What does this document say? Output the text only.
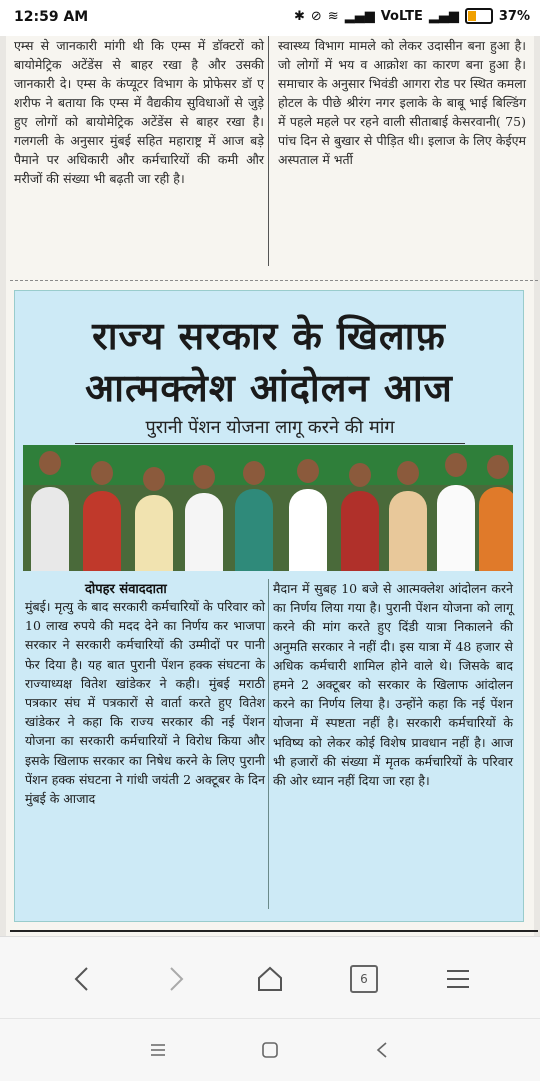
12:59 AM	✱ ⊘ ≋ ▂▄▆ VoLTE ▂▄▆	37%
एम्स से जानकारी मांगी थी कि एम्स में डॉक्टरों को बायोमेट्रिक अटेंडेंस से बाहर रखा है और उसकी जानकारी दे। एम्स के कंप्यूटर विभाग के प्रोफेसर डॉ ए शरीफ ने बताया कि एम्स में वैद्यकीय सुविधाओं से जुड़े हुए लोगों को बायोमेट्रिक अटेंडेंस से बाहर रखा है। गलगली के अनुसार मुंबई सहित महाराष्ट्र में आज बड़े पैमाने पर अधिकारी और कर्मचारियों की कमी और मरीजों की संख्या भी बढ़ती जा रही है।
स्वास्थ्य विभाग मामले को लेकर उदासीन बना हुआ है। जो लोगों में भय व आक्रोश का कारण बना हुआ है। समाचार के अनुसार भिवंडी आगरा रोड पर स्थित कमला होटल के पीछे श्रीरंग नगर इलाके के बाबू भाई बिल्डिंग में पहले महले पर रहने वाली सीताबाई केसरवानी( 75) पांच दिन से बुखार से पीड़ित थी। इलाज के लिए केईएम अस्पताल में भर्ती
राज्य सरकार के खिलाफ़
आत्मक्लेश आंदोलन आज
पुरानी पेंशन योजना लागू करने की मांग
दोपहर संवाददाता
मुंबई। मृत्यु के बाद सरकारी कर्मचारियों के परिवार को 10 लाख रुपये की मदद देने का निर्णय कर भाजपा सरकार ने सरकारी कर्मचारियों की उम्मीदों पर पानी फेर दिया है। यह बात पुरानी पेंशन हक्क संघटना के राज्याध्यक्ष वितेश खांडेकर ने कही। मुंबई मराठी पत्रकार संघ में पत्रकारों से वार्ता करते हुए वितेश खांडेकर ने कहा कि राज्य सरकार की नई पेंशन योजना का सरकारी कर्मचारियों ने विरोध किया और इसके खिलाफ सरकार का निषेध करने के लिए पुरानी पेंशन हक्क संघटना ने गांधी जयंती 2 अक्टूबर के दिन मुंबई के आजाद
मैदान में सुबह 10 बजे से आत्मक्लेश आंदोलन करने का निर्णय लिया गया है। पुरानी पेंशन योजना को लागू करने की मांग करते हुए दिंडी यात्रा निकालने की अनुमति सरकार ने नहीं दी। इस यात्रा में 48 हजार से अधिक कर्मचारी शामिल होने वाले थे। जिसके बाद हमने 2 अक्टूबर को सरकार के खिलाफ आंदोलन करने का निर्णय लिया है। उन्होंने कहा कि नई पेंशन योजना में स्पष्टता नहीं है। सरकारी कर्मचारियों के भविष्य को लेकर कोई विशेष प्रावधान नहीं है। आज भी हजारों की संख्या में मृतक कर्मचारियों के परिवार की ओर ध्यान नहीं दिया जा रहा है।
6
